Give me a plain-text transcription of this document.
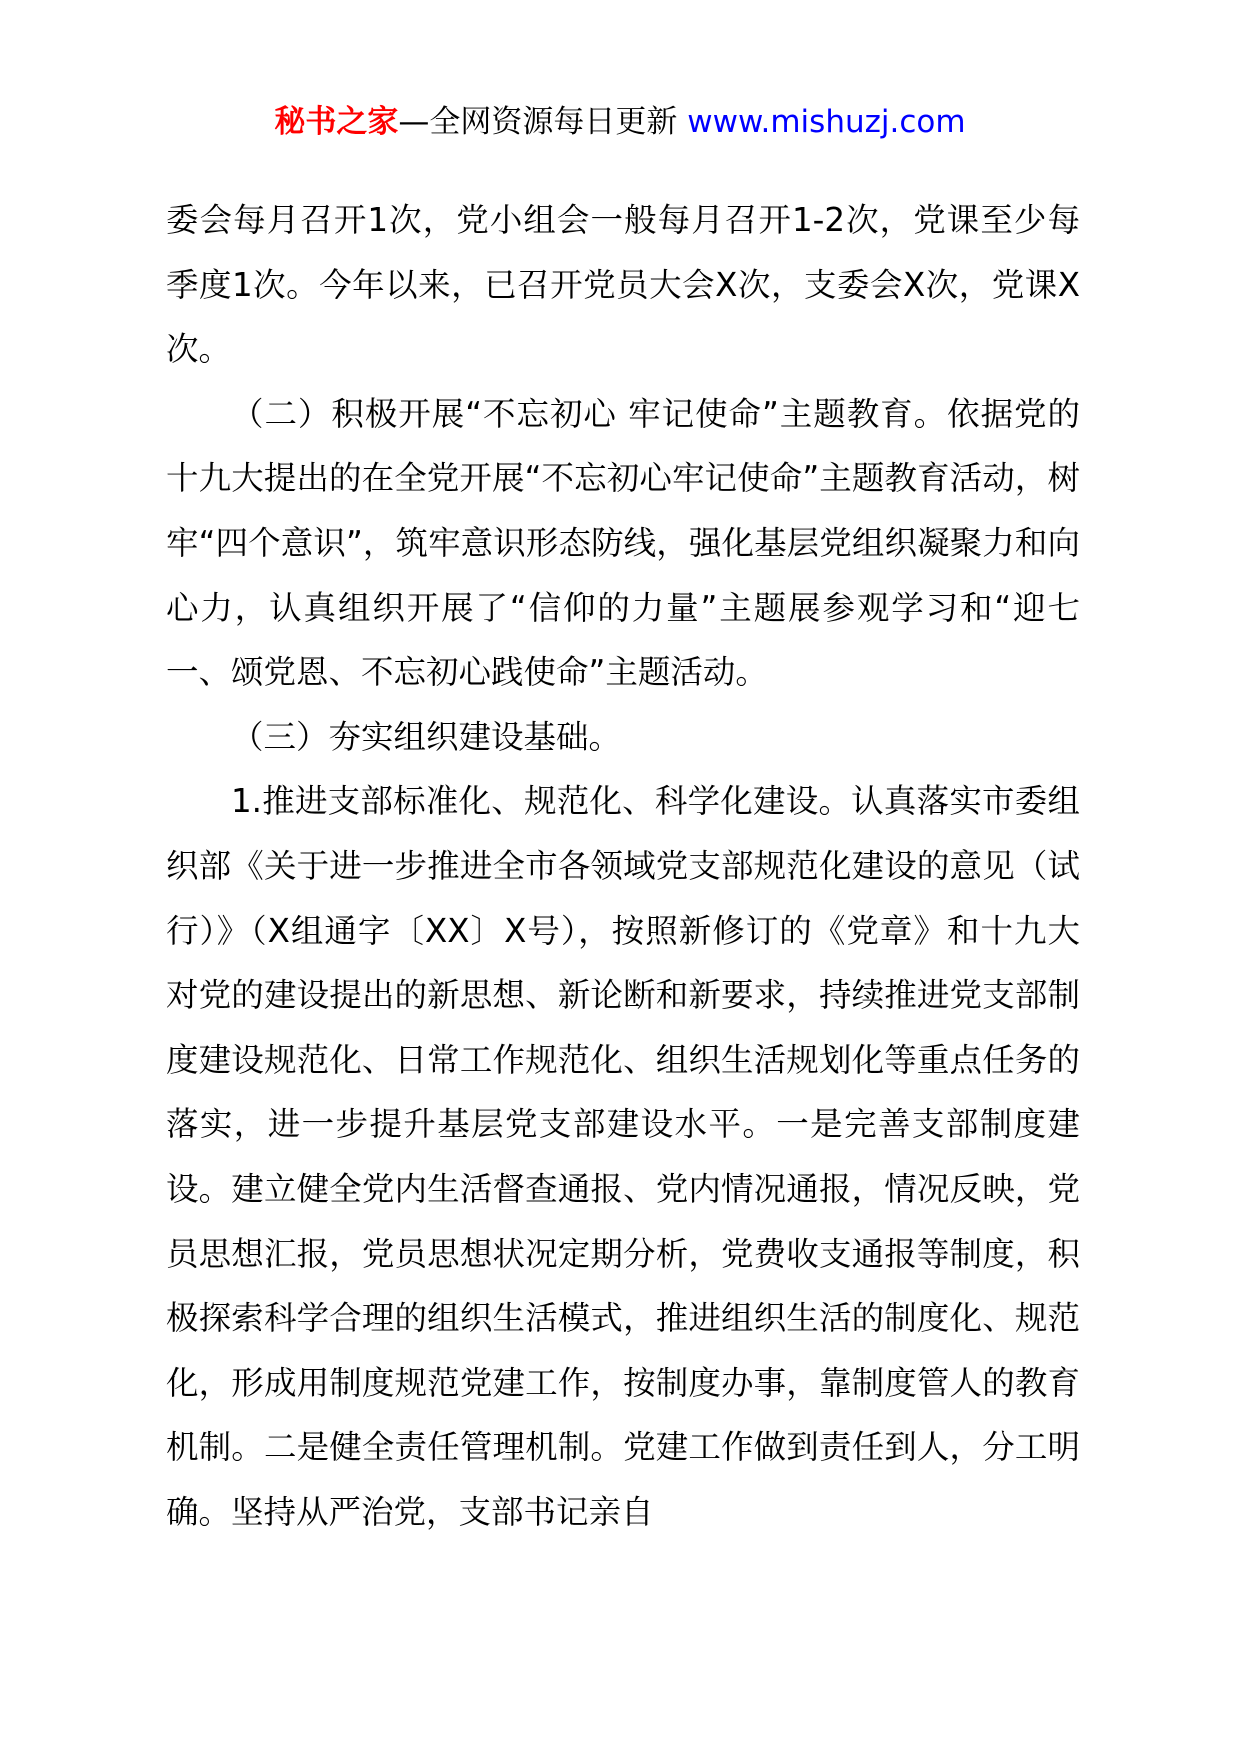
秘书之家—全网资源每日更新 www.mishuzj.com

委会每月召开1次，党小组会一般每月召开1-2次，党课至少每季度1次。今年以来，已召开党员大会X次，支委会X次，党课X次。

（二）积极开展“不忘初心 牢记使命”主题教育。依据党的十九大提出的在全党开展“不忘初心牢记使命”主题教育活动，树牢“四个意识”，筑牢意识形态防线，强化基层党组织凝聚力和向心力，认真组织开展了“信仰的力量”主题展参观学习和“迎七一、颂党恩、不忘初心践使命”主题活动。

（三）夯实组织建设基础。

1.推进支部标准化、规范化、科学化建设。认真落实市委组织部《关于进一步推进全市各领域党支部规范化建设的意见（试行）》（X组通字〔XX〕X号），按照新修订的《党章》和十九大对党的建设提出的新思想、新论断和新要求，持续推进党支部制度建设规范化、日常工作规范化、组织生活规划化等重点任务的落实，进一步提升基层党支部建设水平。一是完善支部制度建设。建立健全党内生活督查通报、党内情况通报，情况反映，党员思想汇报，党员思想状况定期分析，党费收支通报等制度，积极探索科学合理的组织生活模式，推进组织生活的制度化、规范化，形成用制度规范党建工作，按制度办事，靠制度管人的教育机制。二是健全责任管理机制。党建工作做到责任到人，分工明确。坚持从严治党，支部书记亲自
